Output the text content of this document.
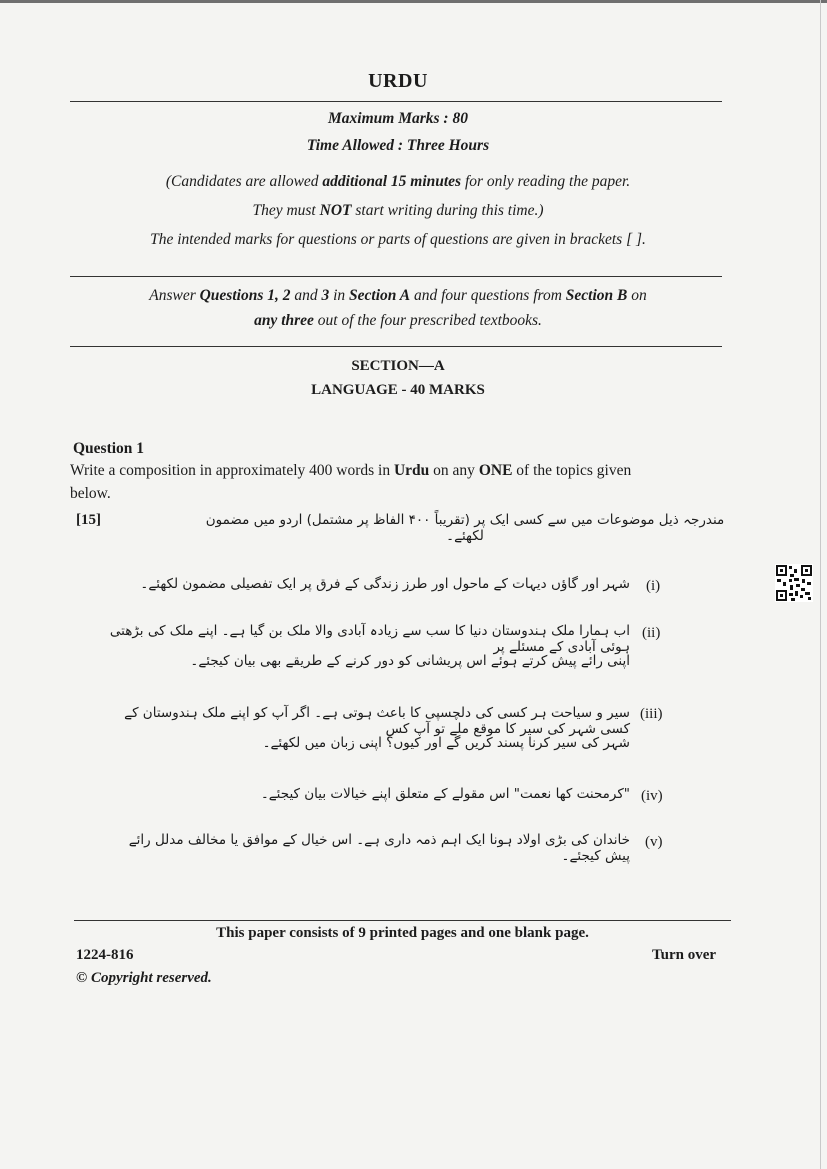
URDU
Maximum Marks : 80
Time Allowed : Three Hours
(Candidates are allowed additional 15 minutes for only reading the paper.
They must NOT start writing during this time.)
The intended marks for questions or parts of questions are given in brackets [ ].
Answer Questions 1, 2 and 3 in Section A and four questions from Section B on
any three out of the four prescribed textbooks.
SECTION—A
LANGUAGE - 40 MARKS
Question 1
Write a composition in approximately 400 words in Urdu on any ONE of the topics given
below.
[15]	مندرجہ ذیل موضوعات میں سے کسی ایک پر (تقریباً ۴۰۰ الفاظ پر مشتمل) اردو میں مضمون لکھئے۔
(i)
شہر اور گاؤں دیہات کے ماحول اور طرز زندگی کے فرق پر ایک تفصیلی مضمون لکھئے۔
(ii)
اب ہمارا ملک ہندوستان دنیا کا سب سے زیادہ آبادی والا ملک بن گیا ہے۔ اپنے ملک کی بڑھتی ہوئی آبادی کے مسئلے پر
اپنی رائے پیش کرتے ہوئے اس پریشانی کو دور کرنے کے طریقے بھی بیان کیجئے۔
(iii)
سیر و سیاحت ہر کسی کی دلچسپی کا باعث ہوتی ہے۔ اگر آپ کو اپنے ملک ہندوستان کے کسی شہر کی سیر کا موقع ملے تو آپ کس
شہر کی سیر کرنا پسند کریں گے اور کیوں؟ اپنی زبان میں لکھئے۔
(iv)
"کرمحنت کھا نعمت" اس مقولے کے متعلق اپنے خیالات بیان کیجئے۔
(v)
خاندان کی بڑی اولاد ہونا ایک اہم ذمہ داری ہے۔ اس خیال کے موافق یا مخالف مدلل رائے پیش کیجئے۔
This paper consists of 9 printed pages and one blank page.
1224-816	Turn over
© Copyright reserved.
